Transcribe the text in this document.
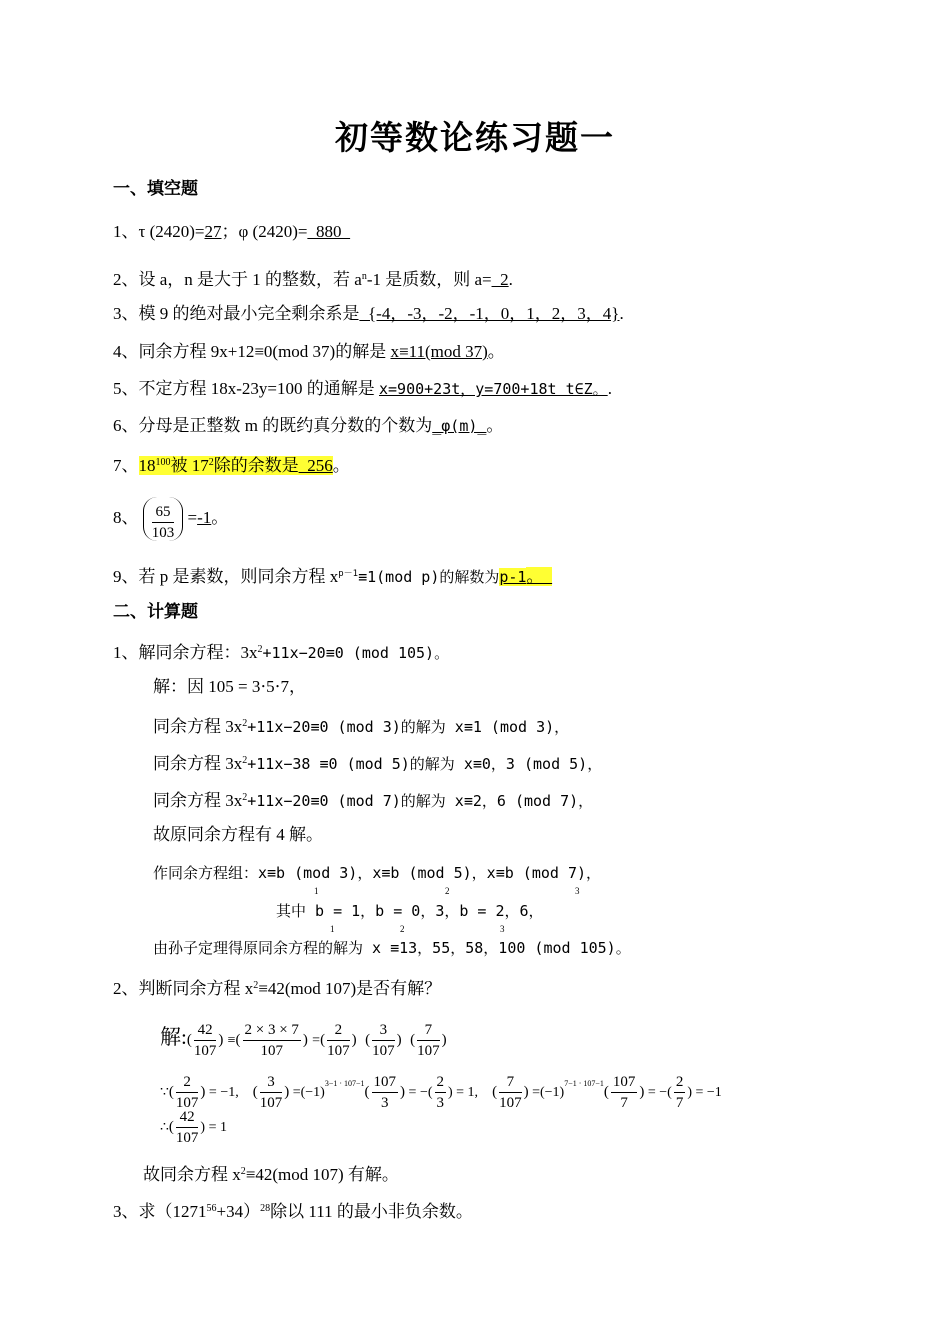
初等数论练习题一
一、填空题
1、τ (2420)=27；φ (2420)=_880_
2、设 a，n 是大于 1 的整数，若 $a^n-1$ 是质数，则 a=_2.
3、模 9 的绝对最小完全剩余系是_{-4，-3，-2，-1，0，1，2，3，4}.
4、同余方程 9x+12≡0(mod 37)的解是 x≡11(mod 37)。
5、不定方程 18x-23y=100 的通解是 x=900+23t，y=700+18t t∈Z。.
6、分母是正整数 m 的既约真分数的个数为_φ(m)_。
7、$18^{100}$被 $17^2$除的余数是_256。
8、 $\frac{65}{103} =-1$。
9、若 p 是素数，则同余方程 $x^{p-1}\equiv 1(mod$ p)的解数为p-1。_
二、计算题
1、解同余方程：$3x^2+11x-20\equiv 0$ (mod 105)。
解：因 105 = 3⋅5⋅7，
同余方程 $3x^2+11x-20\equiv 0$ (mod 3)的解为 x≡1 (mod 3)，
同余方程 $3x^2+11x-38 \equiv 0$ (mod 5)的解为 x≡0，3 (mod 5)，
同余方程 $3x^2+11x-20\equiv 0$ (mod 7)的解为 x≡2，6 (mod 7)，
故原同余方程有 4 解。
作同余方程组：x≡b (mod 3)，x≡b (mod 5)，x≡b (mod 7)，
1	2	3
其中 b = 1，b = 0，3，b = 2，6，
1	2	3
由孙子定理得原同余方程的解为 x ≡13，55，58，100 (mod 105)。
2、判断同余方程 $x^2\equiv 42(mod$ 107)是否有解？
解:( $\frac{42}{107}$ ) ≡( $\frac{2 \times 3 \times 7}{107}$ ) =( $\frac{2}{107}$ ) ( $\frac{3}{107}$ ) ( $\frac{7}{107}$ )
∵( $\frac{2}{107}$ ) = −1, ( $\frac{3}{107}$ ) $=(-1)^{3-1 \cdot 107-1}( \frac{107}{3}$ ) = −( $\frac{2}{3}$ ) = 1, ( $\frac{7}{107}$ ) $=(-1)^{7-1 \cdot 107-1}( \frac{107}{7}$ ) = −( $\frac{2}{7}$ ) = −1
∴( $\frac{42}{107}$ ) = 1
故同余方程 $x^2\equiv 42(mod$ 107) 有解。
3、求$(1271^{56}+34)^{28}$除以 111 的最小非负余数。
